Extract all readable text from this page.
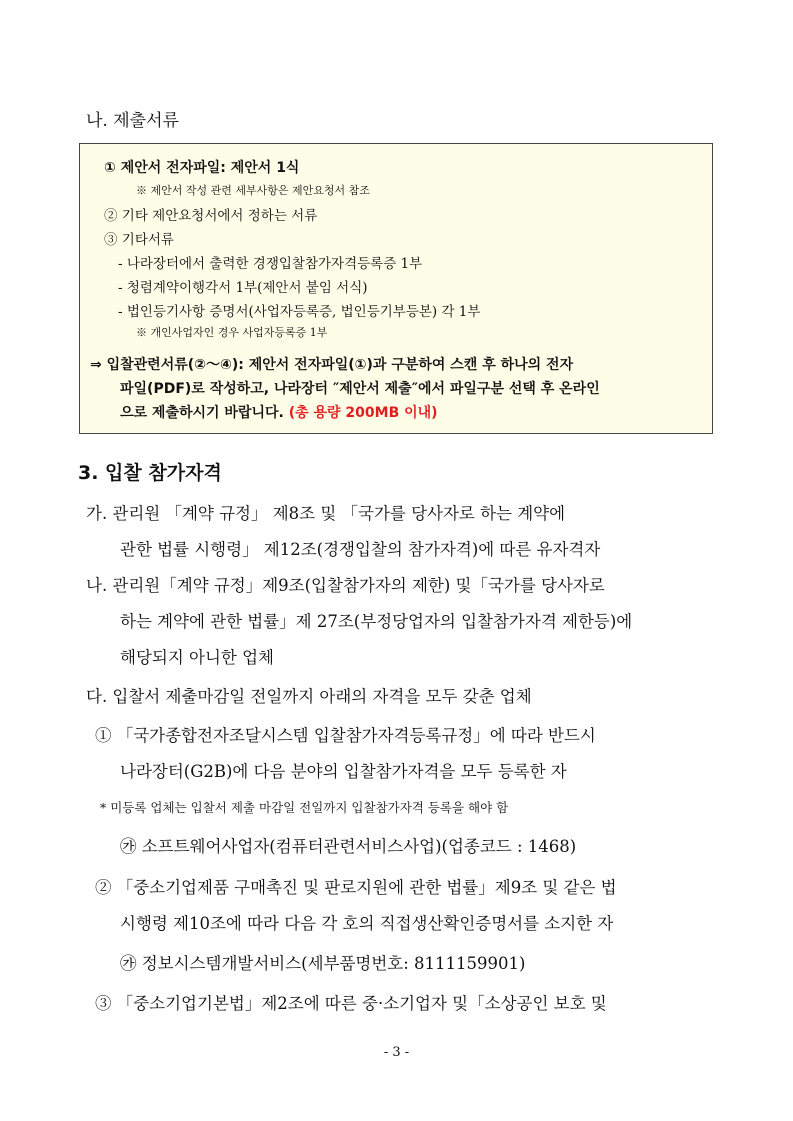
나. 제출서류
① 제안서 전자파일: 제안서 1식
※ 제안서 작성 관련 세부사항은 제안요청서 참조
② 기타 제안요청서에서 정하는 서류
③ 기타서류
- 나라장터에서 출력한 경쟁입찰참가자격등록증 1부
- 청렴계약이행각서 1부(제안서 붙임 서식)
- 법인등기사항 증명서(사업자등록증, 법인등기부등본) 각 1부
※ 개인사업자인 경우 사업자등록증 1부
⇒ 입찰관련서류(②～④): 제안서 전자파일(①)과 구분하여 스캔 후 하나의 전자
파일(PDF)로 작성하고, 나라장터 ″제안서 제출″에서 파일구분 선택 후 온라인
으로 제출하시기 바랍니다. (총 용량 200MB 이내)
3. 입찰 참가자격
가. 관리원 「계약 규정」 제8조 및 「국가를 당사자로 하는 계약에
관한 법률 시행령」 제12조(경쟁입찰의 참가자격)에 따른 유자격자
나. 관리원「계약 규정」제9조(입찰참가자의 제한) 및「국가를 당사자로
하는 계약에 관한 법률」제 27조(부정당업자의 입찰참가자격 제한등)에
해당되지 아니한 업체
다. 입찰서 제출마감일 전일까지 아래의 자격을 모두 갖춘 업체
① 「국가종합전자조달시스템 입찰참가자격등록규정」에 따라 반드시
나라장터(G2B)에 다음 분야의 입찰참가자격을 모두 등록한 자
* 미등록 업체는 입찰서 제출 마감일 전일까지 입찰참가자격 등록을 해야 함
㉮ 소프트웨어사업자(컴퓨터관련서비스사업)(업종코드 : 1468)
② 「중소기업제품 구매촉진 및 판로지원에 관한 법률」제9조 및 같은 법
시행령 제10조에 따라 다음 각 호의 직접생산확인증명서를 소지한 자
㉮ 정보시스템개발서비스(세부품명번호: 8111159901)
③ 「중소기업기본법」제2조에 따른 중·소기업자 및「소상공인 보호 및
- 3 -
